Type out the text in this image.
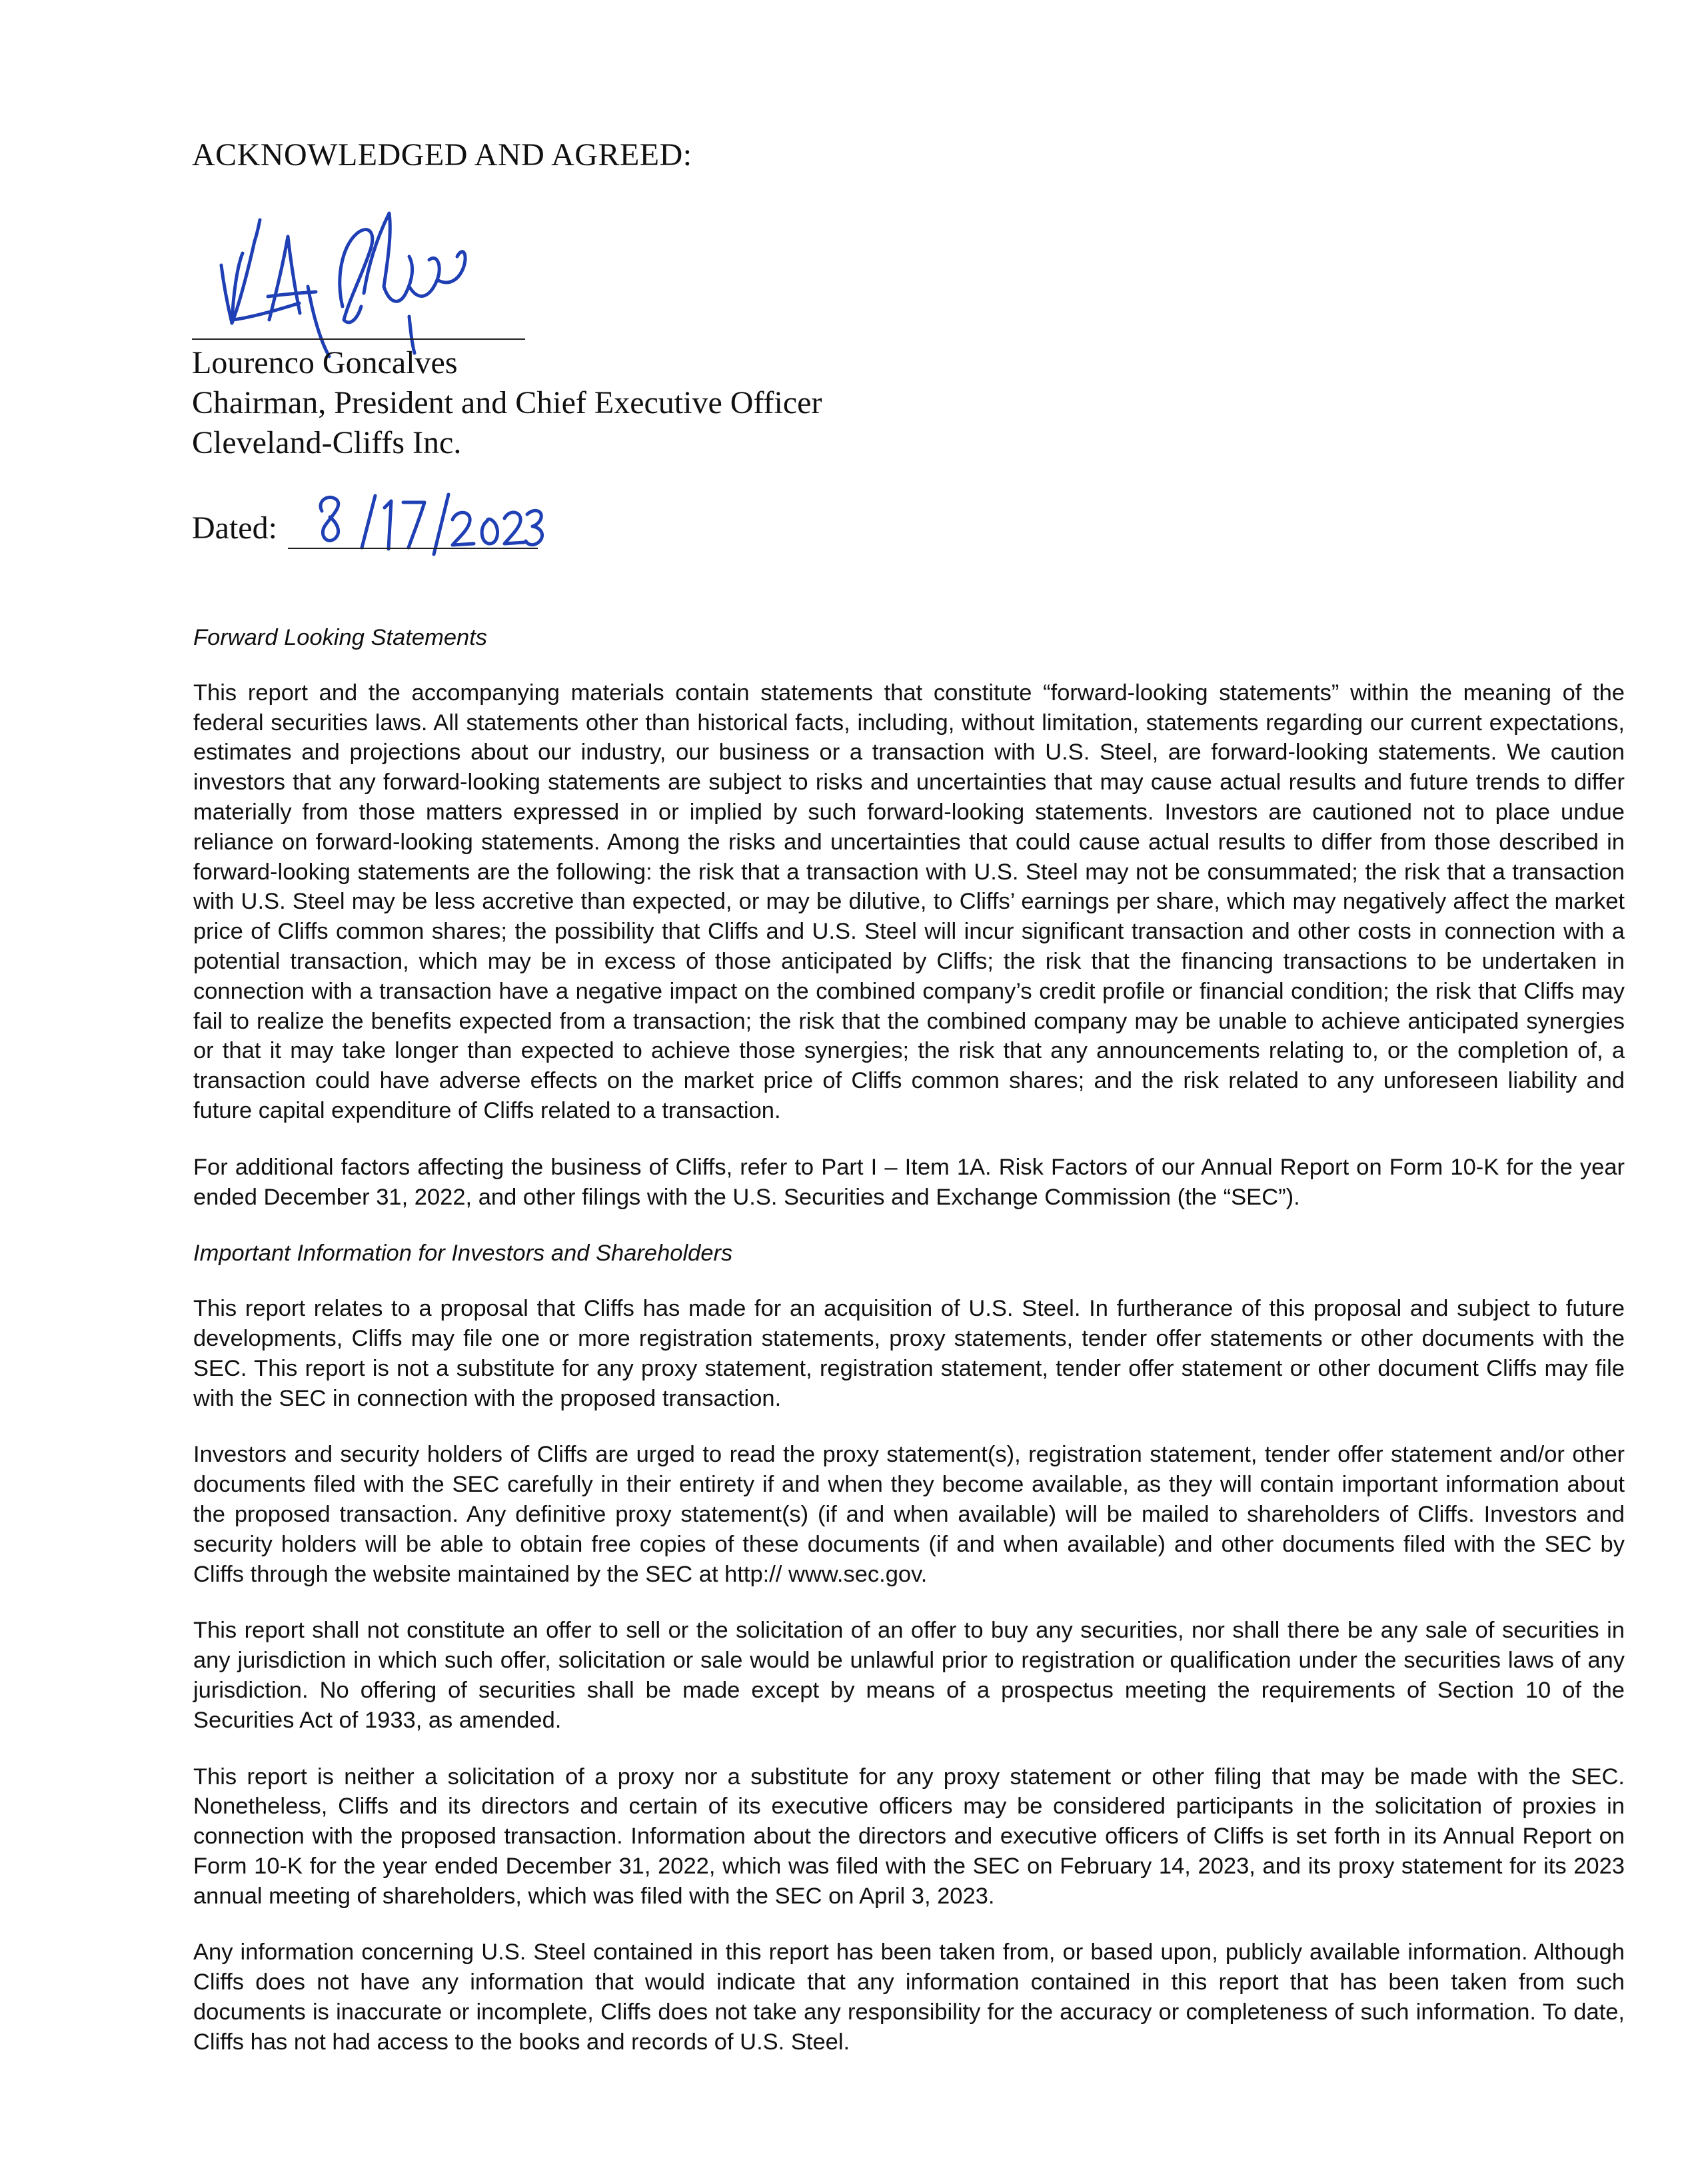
ACKNOWLEDGED AND AGREED:
Lourenco Goncalves
Chairman, President and Chief Executive Officer
Cleveland-Cliffs Inc.
Dated:

Forward Looking Statements

This report and the accompanying materials contain statements that constitute “forward-looking statements” within the meaning of the federal securities laws. All statements other than historical facts, including, without limitation, statements regarding our current expectations, estimates and projections about our industry, our business or a transaction with U.S. Steel, are forward-looking statements. We caution investors that any forward-looking statements are subject to risks and uncertainties that may cause actual results and future trends to differ materially from those matters expressed in or implied by such forward-looking statements. Investors are cautioned not to place undue reliance on forward-looking statements. Among the risks and uncertainties that could cause actual results to differ from those described in forward-looking statements are the following: the risk that a transaction with U.S. Steel may not be consummated; the risk that a transaction with U.S. Steel may be less accretive than expected, or may be dilutive, to Cliffs’ earnings per share, which may negatively affect the market price of Cliffs common shares; the possibility that Cliffs and U.S. Steel will incur significant transaction and other costs in connection with a potential transaction, which may be in excess of those anticipated by Cliffs; the risk that the financing transactions to be undertaken in connection with a transaction have a negative impact on the combined company’s credit profile or financial condition; the risk that Cliffs may fail to realize the benefits expected from a transaction; the risk that the combined company may be unable to achieve anticipated synergies or that it may take longer than expected to achieve those synergies; the risk that any announcements relating to, or the completion of, a transaction could have adverse effects on the market price of Cliffs common shares; and the risk related to any unforeseen liability and future capital expenditure of Cliffs related to a transaction.

For additional factors affecting the business of Cliffs, refer to Part I – Item 1A. Risk Factors of our Annual Report on Form 10-K for the year ended December 31, 2022, and other filings with the U.S. Securities and Exchange Commission (the “SEC”).

Important Information for Investors and Shareholders

This report relates to a proposal that Cliffs has made for an acquisition of U.S. Steel. In furtherance of this proposal and subject to future developments, Cliffs may file one or more registration statements, proxy statements, tender offer statements or other documents with the SEC. This report is not a substitute for any proxy statement, registration statement, tender offer statement or other document Cliffs may file with the SEC in connection with the proposed transaction.

Investors and security holders of Cliffs are urged to read the proxy statement(s), registration statement, tender offer statement and/or other documents filed with the SEC carefully in their entirety if and when they become available, as they will contain important information about the proposed transaction. Any definitive proxy statement(s) (if and when available) will be mailed to shareholders of Cliffs. Investors and security holders will be able to obtain free copies of these documents (if and when available) and other documents filed with the SEC by Cliffs through the website maintained by the SEC at http:// www.sec.gov.

This report shall not constitute an offer to sell or the solicitation of an offer to buy any securities, nor shall there be any sale of securities in any jurisdiction in which such offer, solicitation or sale would be unlawful prior to registration or qualification under the securities laws of any jurisdiction. No offering of securities shall be made except by means of a prospectus meeting the requirements of Section 10 of the Securities Act of 1933, as amended.

This report is neither a solicitation of a proxy nor a substitute for any proxy statement or other filing that may be made with the SEC. Nonetheless, Cliffs and its directors and certain of its executive officers may be considered participants in the solicitation of proxies in connection with the proposed transaction. Information about the directors and executive officers of Cliffs is set forth in its Annual Report on Form 10-K for the year ended December 31, 2022, which was filed with the SEC on February 14, 2023, and its proxy statement for its 2023 annual meeting of shareholders, which was filed with the SEC on April 3, 2023.

Any information concerning U.S. Steel contained in this report has been taken from, or based upon, publicly available information. Although Cliffs does not have any information that would indicate that any information contained in this report that has been taken from such documents is inaccurate or incomplete, Cliffs does not take any responsibility for the accuracy or completeness of such information. To date, Cliffs has not had access to the books and records of U.S. Steel.
